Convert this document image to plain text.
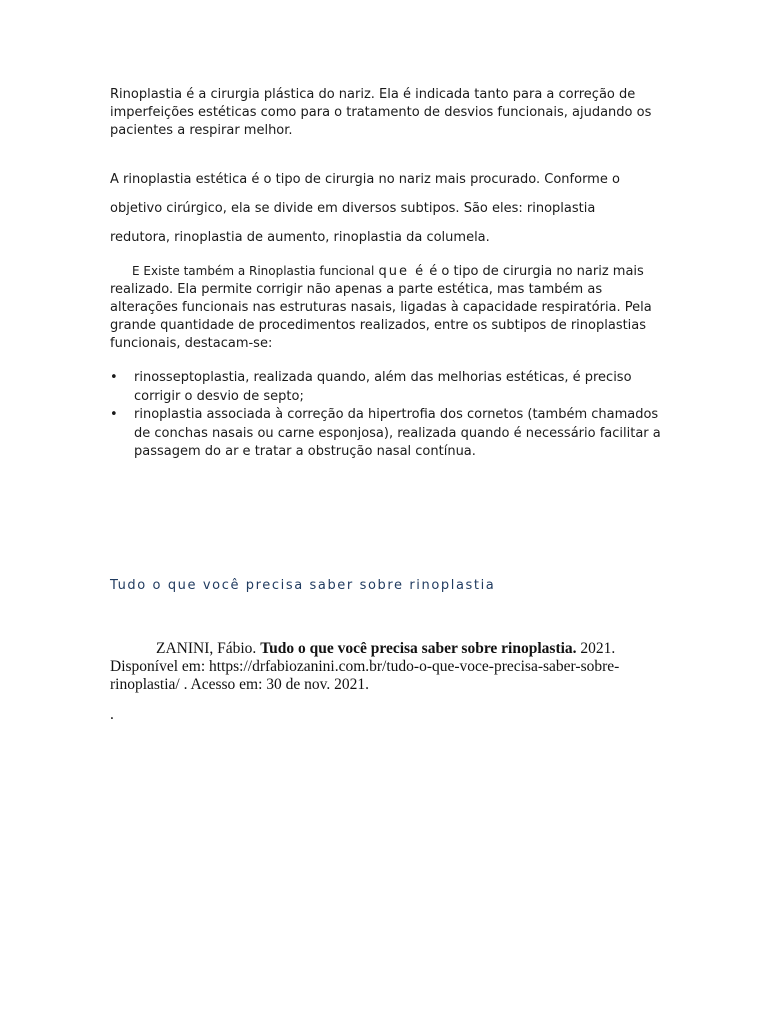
Rinoplastia é a cirurgia plástica do nariz. Ela é indicada tanto para a correção de imperfeições estéticas como para o tratamento de desvios funcionais, ajudando os pacientes a respirar melhor.
A rinoplastia estética é o tipo de cirurgia no nariz mais procurado. Conforme o objetivo cirúrgico, ela se divide em diversos subtipos. São eles: rinoplastia redutora, rinoplastia de aumento, rinoplastia da columela.
E Existe também a Rinoplastia funcional que é é o tipo de cirurgia no nariz mais realizado. Ela permite corrigir não apenas a parte estética, mas também as alterações funcionais nas estruturas nasais, ligadas à capacidade respiratória. Pela grande quantidade de procedimentos realizados, entre os subtipos de rinoplastias funcionais, destacam-se:
• rinosseptoplastia, realizada quando, além das melhorias estéticas, é preciso corrigir o desvio de septo;
• rinoplastia associada à correção da hipertrofia dos cornetos (também chamados de conchas nasais ou carne esponjosa), realizada quando é necessário facilitar a passagem do ar e tratar a obstrução nasal contínua.
Tudo o que você precisa saber sobre rinoplastia
ZANINI, Fábio. Tudo o que você precisa saber sobre rinoplastia. 2021. Disponível em: https://drfabiozanini.com.br/tudo-o-que-voce-precisa-saber-sobre-rinoplastia/ . Acesso em: 30 de nov. 2021.
.
